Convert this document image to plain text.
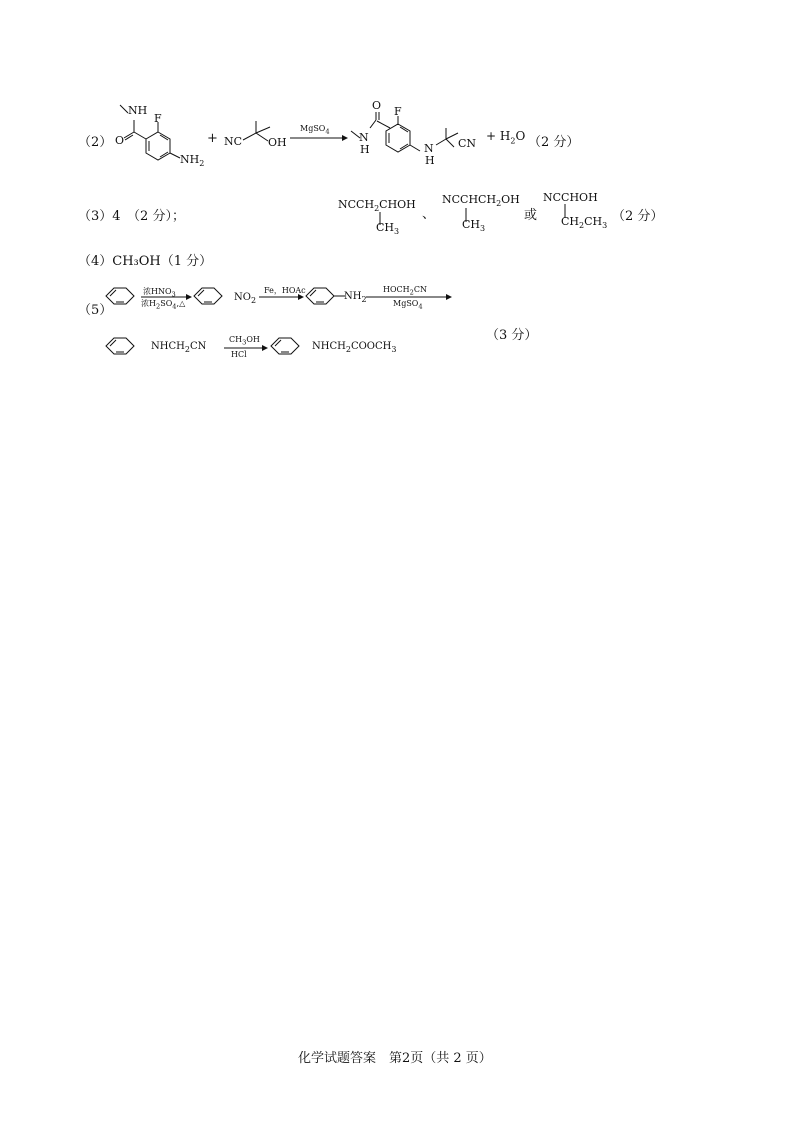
（2）
NH
O
F
$NH_2$
+ NC OH
MgSO$_4$
O F
N
H	N
H
CN
+ $H_2O$ （2 分）
（3）4　（2 分）；
$NCCH_2CHOH$
$CH_3$
、
$NCCHCH_2OH$
$CH_3$
或
NCCHOH
$CH_2CH_3$
（2 分）
（4）CH₃OH（1 分）
（5）
浓$HNO_3$
浓$H_2SO_4,\triangle$
$NO_2$
Fe，HOAc
$NH_2$
$HOCH_2CN$
MgSO$_4$
（3 分）
$NHCH_2CN$
$CH_3OH$
HCl
$NHCH_2COOCH_3$
化学试题答案　第2页（共 2 页）
